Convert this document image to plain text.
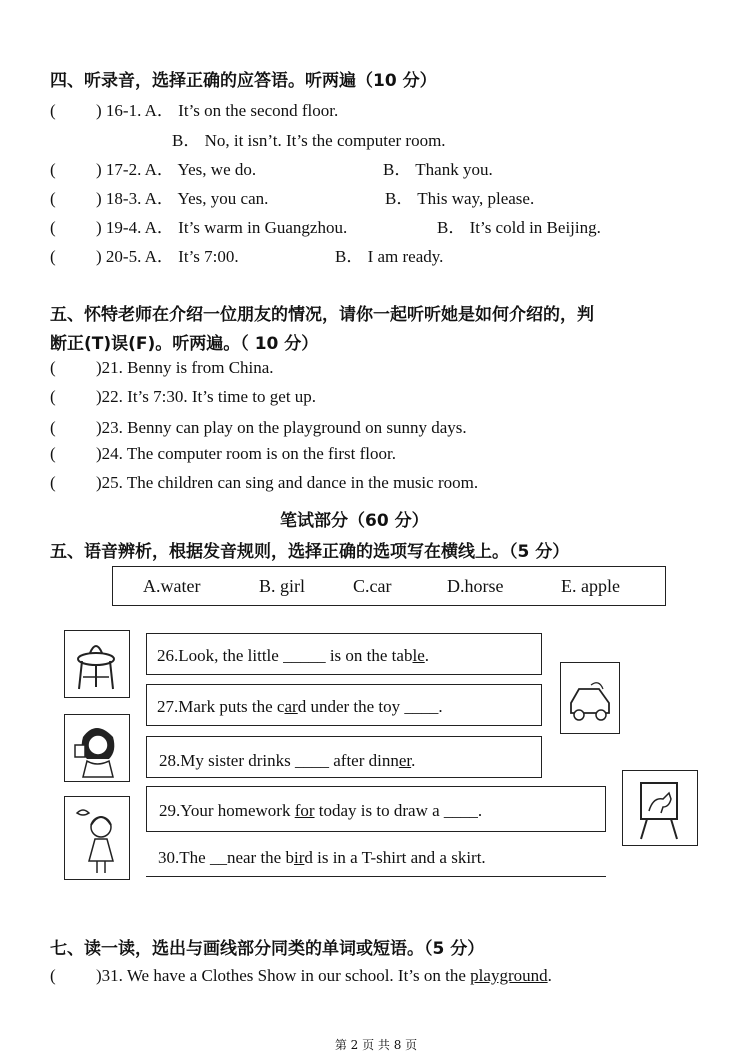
四、听录音，选择正确的应答语。听两遍（10 分）
( ) 16-1. A． It’s on the second floor.
B． No, it isn’t. It’s the computer room.
( ) 17-2. A． Yes, we do.	B． Thank you.
( ) 18-3. A． Yes, you can.	B． This way, please.
( ) 19-4. A． It’s warm in Guangzhou.	B． It’s cold in Beijing.
( ) 20-5. A． It’s 7:00.	B． I am ready.
五、怀特老师在介绍一位朋友的情况，请你一起听听她是如何介绍的，判
断正(T)误(F)。听两遍。（ 10 分）
( )21. Benny is from China.
( )22. It’s 7:30. It’s time to get up.
( )23. Benny can play on the playground on sunny days.
( )24. The computer room is on the first floor.
( )25. The children can sing and dance in the music room.
笔试部分（60 分）
五、语音辨析，根据发音规则，选择正确的选项写在横线上。（5 分）
A.water	B. girl	C.car	D.horse	E. apple
26.Look, the little _____ is on the table.
27.Mark puts the card under the toy ____.
28.My sister drinks ____ after dinner.
29.Your homework for today is to draw a ____.
30.The __near the bird is in a T-shirt and a skirt.
七、读一读，选出与画线部分同类的单词或短语。（5 分）
( )31. We have a Clothes Show in our school. It’s on the playground.
第 2 页 共 8 页
